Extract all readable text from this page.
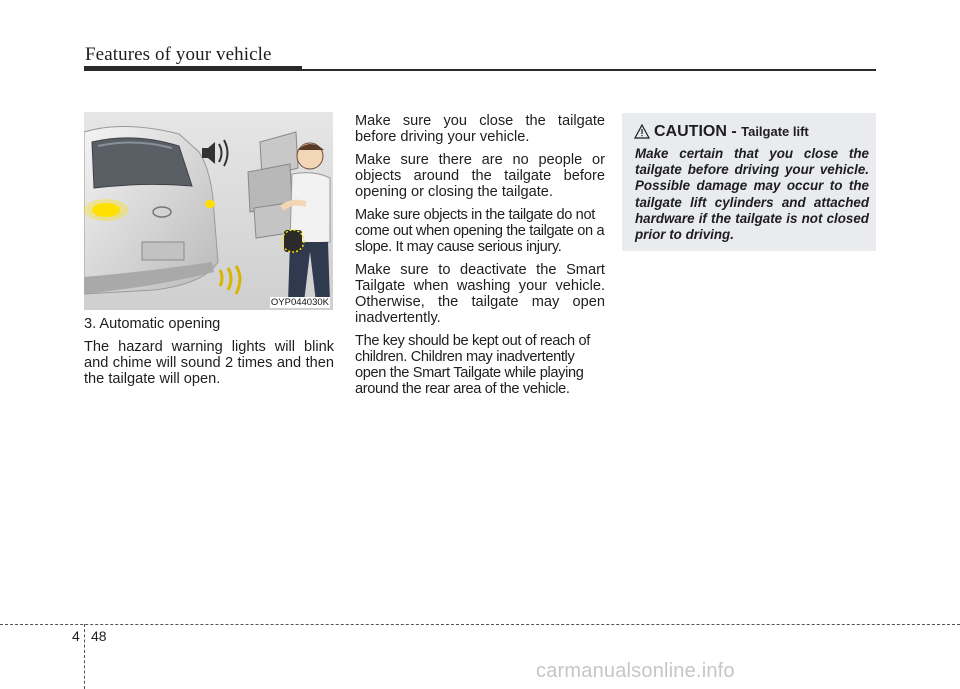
Features of your vehicle
OYP044030K

3. Automatic opening

The hazard warning lights will blink and chime will sound 2 times and then the tailgate will open.

Make sure you close the tailgate before driving your vehicle.

Make sure there are no people or objects around the tailgate before opening or closing the tailgate.

Make sure objects in the tailgate do not come out when opening the tailgate on a slope. It may cause serious injury.

Make sure to deactivate the Smart Tailgate when washing your vehicle. Otherwise, the tailgate may open inadvertently.

The key should be kept out of reach of children. Children may inadvertently open the Smart Tailgate while playing around the rear area of the vehicle.

CAUTION - Tailgate lift
Make certain that you close the tailgate before driving your vehicle. Possible damage may occur to the tailgate lift cylinders and attached hardware if the tailgate is not closed prior to driving.
4 48
carmanualsonline.info
